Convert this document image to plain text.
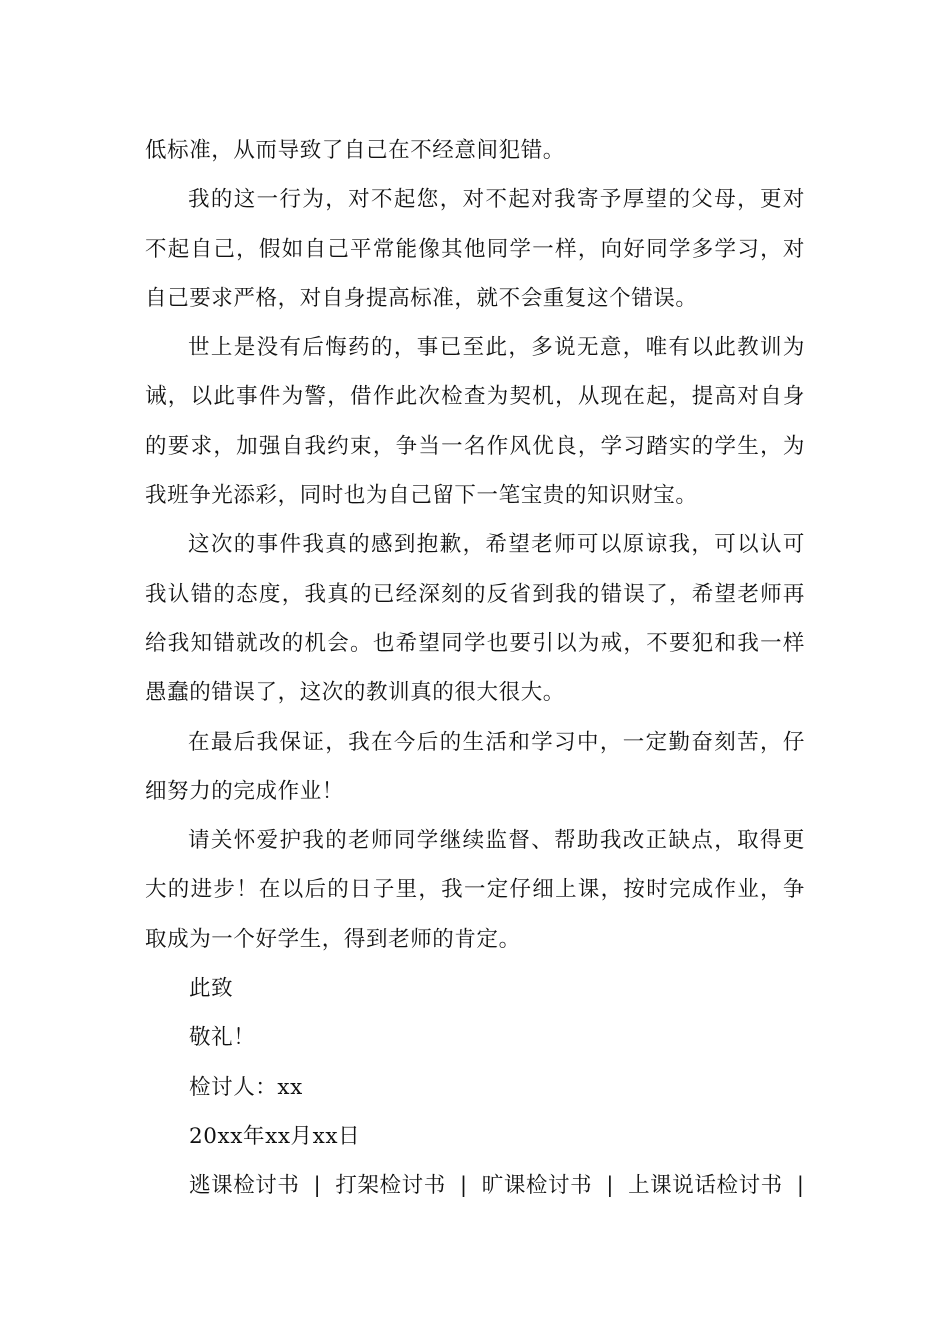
低标准，从而导致了自己在不经意间犯错。

我的这一行为，对不起您，对不起对我寄予厚望的父母，更对不起自己，假如自己平常能像其他同学一样，向好同学多学习，对自己要求严格，对自身提高标准，就不会重复这个错误。

世上是没有后悔药的，事已至此，多说无意，唯有以此教训为诫，以此事件为警，借作此次检查为契机，从现在起，提高对自身的要求，加强自我约束，争当一名作风优良，学习踏实的学生，为我班争光添彩，同时也为自己留下一笔宝贵的知识财宝。

这次的事件我真的感到抱歉，希望老师可以原谅我，可以认可我认错的态度，我真的已经深刻的反省到我的错误了，希望老师再给我知错就改的机会。也希望同学也要引以为戒，不要犯和我一样愚蠢的错误了，这次的教训真的很大很大。

在最后我保证，我在今后的生活和学习中，一定勤奋刻苦，仔细努力的完成作业！

请关怀爱护我的老师同学继续监督、帮助我改正缺点，取得更大的进步！在以后的日子里，我一定仔细上课，按时完成作业，争取成为一个好学生，得到老师的肯定。

此致

敬礼！

检讨人：xx

20xx年xx月xx日

逃课检讨书 | 打架检讨书 | 旷课检讨书 | 上课说话检讨书 |
